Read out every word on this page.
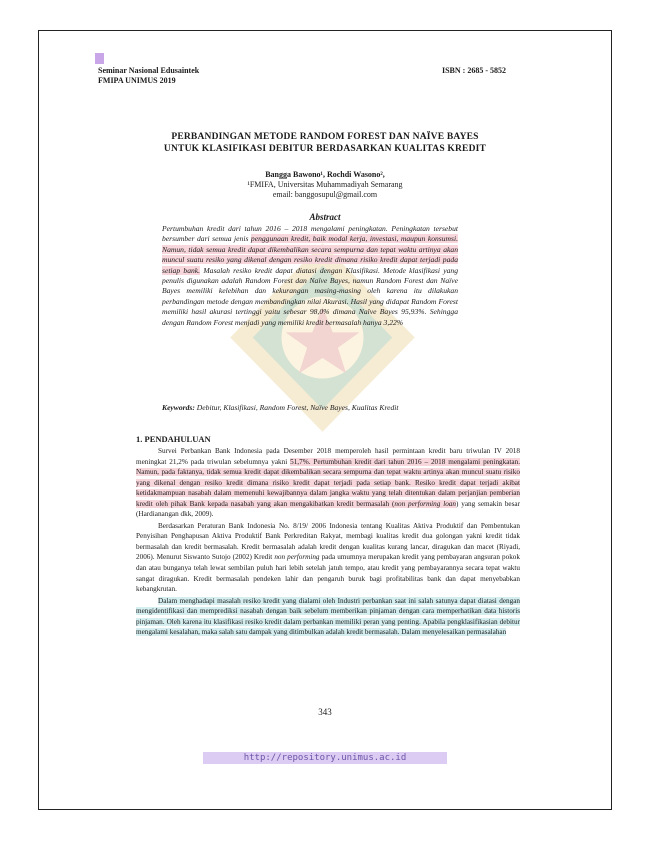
Seminar Nasional Edusaintek
FMIPA UNIMUS 2019
ISBN : 2685 - 5852
PERBANDINGAN METODE RANDOM FOREST DAN NAÏVE BAYES
UNTUK KLASIFIKASI DEBITUR BERDASARKAN KUALITAS KREDIT
Bangga Bawono¹, Rochdi Wasono²,
¹FMIFA, Universitas Muhammadiyah Semarang
email: banggosupul@gmail.com
Abstract
Pertumbuhan kredit dari tahun 2016 – 2018 mengalami peningkatan. Peningkatan tersebut bersumber dari semua jenis penggunaan kredit, baik modal kerja, investasi, maupun konsumsi. Namun, tidak semua kredit dapat dikembalikan secara sempurna dan tepat waktu artinya akan muncul suatu resiko yang dikenal dengan resiko kredit dimana risiko kredit dapat terjadi pada setiap bank. Masalah resiko kredit dapat diatasi dengan Klasifikasi. Metode klasifikasi yang penulis digunakan adalah Random Forest dan Naïve Bayes, namun Random Forest dan Naïve Bayes memiliki kelebihan dan kekurangan masing-masing oleh karena itu dilakukan perbandingan metode dengan membandingkan nilai Akurasi. Hasil yang didapat Random Forest memiliki hasil akurasi tertinggi yaitu sebesar 98,0% dimana Naïve Bayes 95,93%. Sehingga dengan Random Forest menjadi yang memiliki kredit bermasalah hanya 3,22%
Keywords: Debitur, Klasifikasi, Random Forest, Naïve Bayes, Kualitas Kredit
1. PENDAHULUAN

Survei Perbankan Bank Indonesia pada Desember 2018 memperoleh hasil permintaan kredit baru triwulan IV 2018 meningkat 21,2% pada triwulan sebelumnya yakni 51,7%. Pertumbuhan kredit dari tahun 2016 – 2018 mengalami peningkatan. Namun, pada faktanya, tidak semua kredit dapat dikembalikan secara sempurna dan tepat waktu artinya akan muncul suatu risiko yang dikenal dengan resiko kredit dimana risiko kredit dapat terjadi pada setiap bank. Resiko kredit dapat terjadi akibat ketidakmampuan nasabah dalam memenuhi kewajibannya dalam jangka waktu yang telah ditentukan dalam perjanjian pemberian kredit oleh pihak Bank kepada nasabah yang akan mengakibatkan kredit bermasalah (non performing loan) yang semakin besar (Hardianangan dkk, 2009).

Berdasarkan Peraturan Bank Indonesia No. 8/19/ 2006 Indonesia tentang Kualitas Aktiva Produktif dan Pembentukan Penyisihan Penghapusan Aktiva Produktif Bank Perkreditan Rakyat, membagi kualitas kredit dua golongan yakni kredit tidak bermasalah dan kredit bermasalah. Kredit bermasalah adalah kredit dengan kualitas kurang lancar, diragukan dan macet (Riyadi, 2006). Menurut Siswanto Sutojo (2002) Kredit non performing pada umumnya merupakan kredit yang pembayaran angsuran pokok dan atau bunganya telah lewat sembilan puluh hari lebih setelah jatuh tempo, atau kredit yang pembayarannya secara tepat waktu sangat diragukan. Kredit bermasalah pendeken lahir dan pengaruh buruk bagi profitabilitas bank dan dapat menyebabkan kebangkrutan.

Dalam menghadapi masalah resiko kredit yang dialami oleh Industri perbankan saat ini salah satunya dapat diatasi dengan mengidentifikasi dan memprediksi nasabah dengan baik sebelum memberikan pinjaman dengan cara memperhatikan data historis pinjaman. Oleh karena itu klasifikasi resiko kredit dalam perbankan memiliki peran yang penting. Apabila pengklasifikasian debitur mengalami kesalahan, maka salah satu dampak yang ditimbulkan adalah kredit bermasalah. Dalam menyelesaikan permasalahan

343
http://repository.unimus.ac.id
